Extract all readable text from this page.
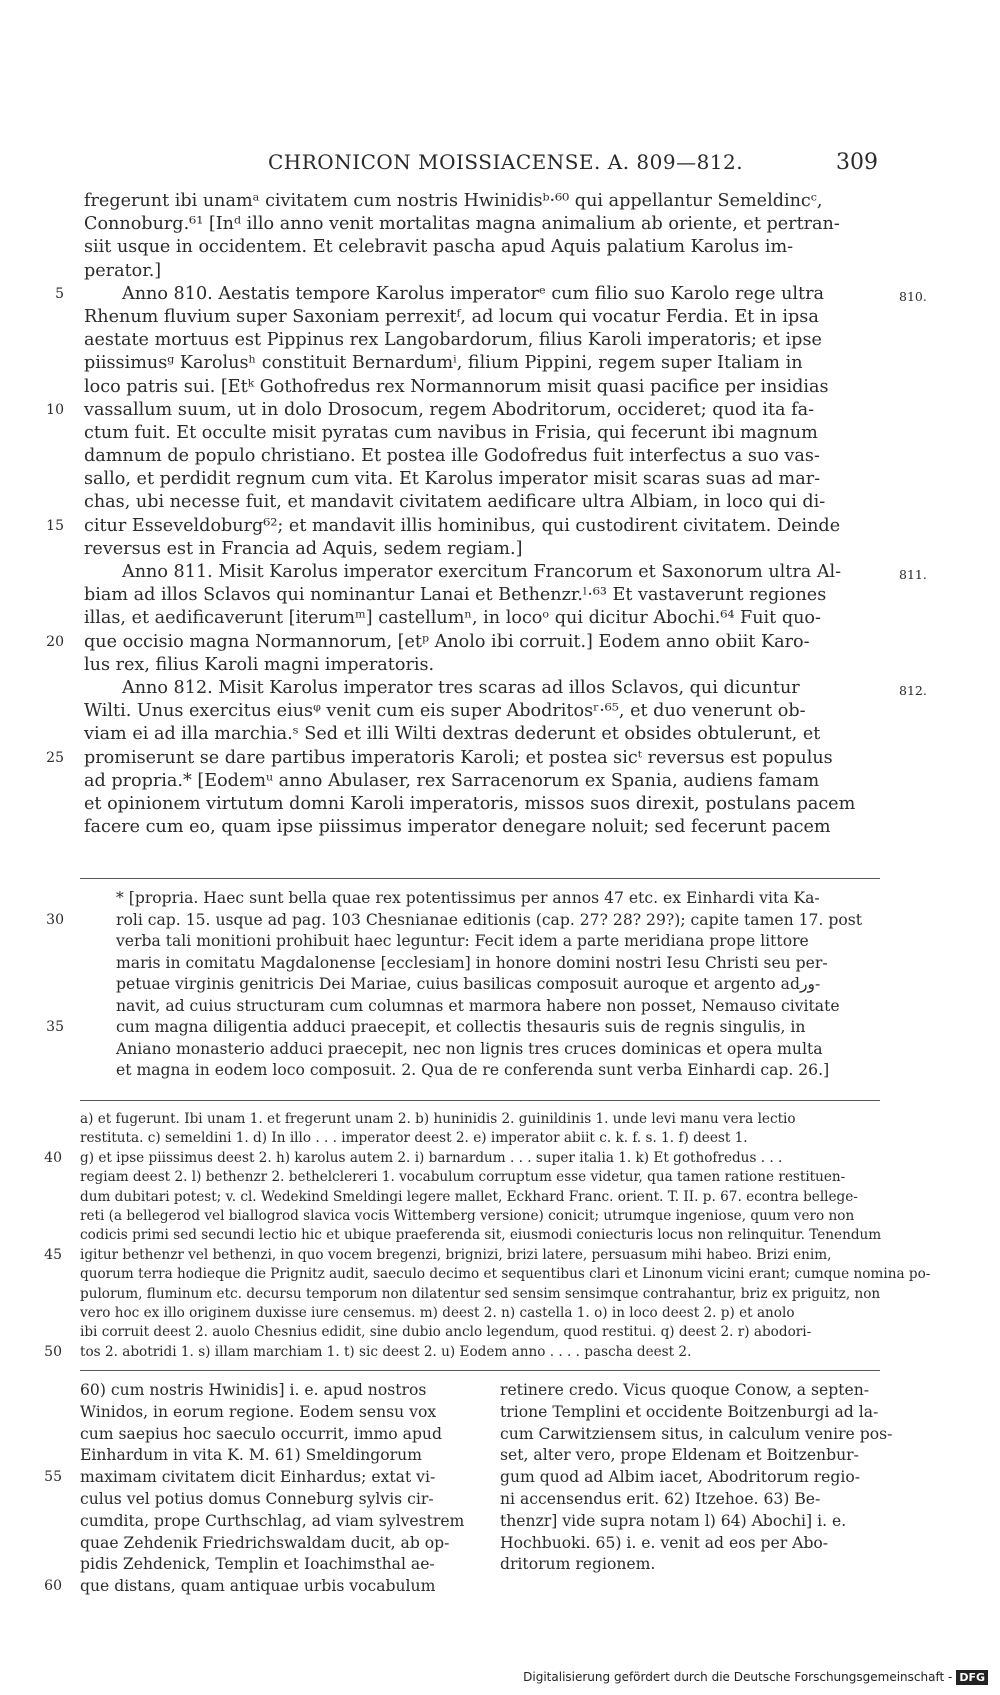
CHRONICON MOISSIACENSE. A. 809—812.	309
fregerunt ibi unamᵃ civitatem cum nostris Hwinidisᵇ·⁶⁰ qui appellantur Semeldincᶜ,
Connoburg.⁶¹ [Inᵈ illo anno venit mortalitas magna animalium ab oriente, et pertran-
siit usque in occidentem. Et celebravit pascha apud Aquis palatium Karolus im-
perator.]
5	Anno 810. Aestatis tempore Karolus imperatorᵉ cum filio suo Karolo rege ultra	810.
Rhenum fluvium super Saxoniam perrexitᶠ, ad locum qui vocatur Ferdia. Et in ipsa
aestate mortuus est Pippinus rex Langobardorum, filius Karoli imperatoris; et ipse
piissimusᵍ Karolusʰ constituit Bernardumⁱ, filium Pippini, regem super Italiam in
loco patris sui. [Etᵏ Gothofredus rex Normannorum misit quasi pacifice per insidias
10 vassallum suum, ut in dolo Drosocum, regem Abodritorum, occideret; quod ita fa-
ctum fuit. Et occulte misit pyratas cum navibus in Frisia, qui fecerunt ibi magnum
damnum de populo christiano. Et postea ille Godofredus fuit interfectus a suo vas-
sallo, et perdidit regnum cum vita. Et Karolus imperator misit scaras suas ad mar-
chas, ubi necesse fuit, et mandavit civitatem aedificare ultra Albiam, in loco qui di-
15 citur Esseveldoburg⁶²; et mandavit illis hominibus, qui custodirent civitatem. Deinde
reversus est in Francia ad Aquis, sedem regiam.]
Anno 811. Misit Karolus imperator exercitum Francorum et Saxonorum ultra Al-	811.
biam ad illos Sclavos qui nominantur Lanai et Bethenzr.ˡ·⁶³ Et vastaverunt regiones
illas, et aedificaverunt [iterumᵐ] castellumⁿ, in locoᵒ qui dicitur Abochi.⁶⁴ Fuit quo-
20 que occisio magna Normannorum, [etᵖ Anolo ibi corruit.] Eodem anno obiit Karo-
lus rex, filius Karoli magni imperatoris.
Anno 812. Misit Karolus imperator tres scaras ad illos Sclavos, qui dicuntur	812.
Wilti. Unus exercitus eiusᵠ venit cum eis super Abodritosʳ·⁶⁵, et duo venerunt ob-
viam ei ad illa marchia.ˢ Sed et illi Wilti dextras dederunt et obsides obtulerunt, et
25 promiserunt se dare partibus imperatoris Karoli; et postea sicᵗ reversus est populus
ad propria.* [Eodemᵘ anno Abulaser, rex Sarracenorum ex Spania, audiens famam
et opinionem virtutum domni Karoli imperatoris, missos suos direxit, postulans pacem
facere cum eo, quam ipse piissimus imperator denegare noluit; sed fecerunt pacem
* [propria. Haec sunt bella quae rex potentissimus per annos 47 etc. ex Einhardi vita Ka-
30	roli cap. 15. usque ad pag. 103 Chesnianae editionis (cap. 27? 28? 29?); capite tamen 17. post
verba tali monitioni prohibuit haec leguntur: Fecit idem a parte meridiana prope littore
maris in comitatu Magdalonense [ecclesiam] in honore domini nostri Iesu Christi seu per-
petuae virginis genitricis Dei Mariae, cuius basilicas composuit auroque et argento adور-
navit, ad cuius structuram cum columnas et marmora habere non posset, Nemauso civitate
35	cum magna diligentia adduci praecepit, et collectis thesauris suis de regnis singulis, in
Aniano monasterio adduci praecepit, nec non lignis tres cruces dominicas et opera multa
et magna in eodem loco composuit. 2. Qua de re conferenda sunt verba Einhardi cap. 26.]
a) et fugerunt. Ibi unam 1. et fregerunt unam 2. b) huninidis 2. guinildinis 1. unde levi manu vera lectio
restituta. c) semeldini 1. d) In illo . . . imperator deest 2. e) imperator abiit c. k. f. s. 1. f) deest 1.
40 g) et ipse piissimus deest 2. h) karolus autem 2. i) barnardum . . . super italia 1. k) Et gothofredus . . .
regiam deest 2. l) bethenzr 2. bethelclereri 1. vocabulum corruptum esse videtur, qua tamen ratione restituen-
dum dubitari potest; v. cl. Wedekind Smeldingi legere mallet, Eckhard Franc. orient. T. II. p. 67. econtra bellege-
reti (a bellegerod vel biallogrod slavica vocis Wittemberg versione) conicit; utrumque ingeniose, quum vero non
codicis primi sed secundi lectio hic et ubique praeferenda sit, eiusmodi coniecturis locus non relinquitur. Tenendum
45 igitur bethenzr vel bethenzi, in quo vocem bregenzi, brignizi, brizi latere, persuasum mihi habeo. Brizi enim,
quorum terra hodieque die Prignitz audit, saeculo decimo et sequentibus clari et Linonum vicini erant; cumque nomina po-
pulorum, fluminum etc. decursu temporum non dilatentur sed sensim sensimque contrahantur, briz ex priguitz, non
vero hoc ex illo originem duxisse iure censemus. m) deest 2. n) castella 1. o) in loco deest 2. p) et anolo
ibi corruit deest 2. auolo Chesnius edidit, sine dubio anclo legendum, quod restitui. q) deest 2. r) abodori-
50 tos 2. abotridi 1. s) illam marchiam 1. t) sic deest 2. u) Eodem anno . . . . pascha deest 2.
60) cum nostris Hwinidis] i. e. apud nostros
Winidos, in eorum regione. Eodem sensu vox
cum saepius hoc saeculo occurrit, immo apud
Einhardum in vita K. M. 61) Smeldingorum
55 maximam civitatem dicit Einhardus; extat vi-
culus vel potius domus Conneburg sylvis cir-
cumdita, prope Curthschlag, ad viam sylvestrem
quae Zehdenik Friedrichswaldam ducit, ab op-
pidis Zehdenick, Templin et Ioachimsthal ae-
60 que distans, quam antiquae urbis vocabulum
retinere credo. Vicus quoque Conow, a septen-
trione Templini et occidente Boitzenburgi ad la-
cum Carwitziensem situs, in calculum venire pos-
set, alter vero, prope Eldenam et Boitzenbur-
gum quod ad Albim iacet, Abodritorum regio-
ni accensendus erit. 62) Itzehoe. 63) Be-
thenzr] vide supra notam l) 64) Abochi] i. e.
Hochbuoki. 65) i. e. venit ad eos per Abo-
dritorum regionem.
Digitalisierung gefördert durch die Deutsche Forschungsgemeinschaft - DFG
